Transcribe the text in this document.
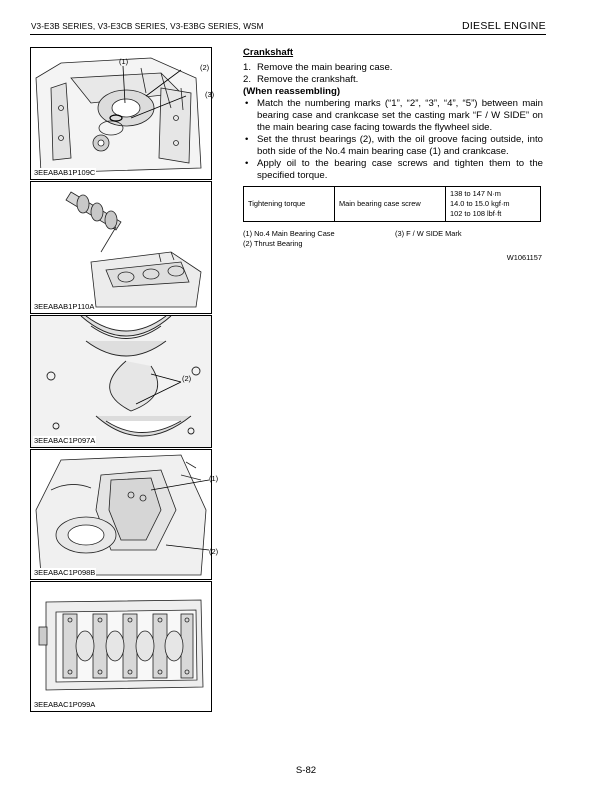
V3-E3B SERIES, V3-E3CB SERIES, V3-E3BG SERIES, WSM	DIESEL ENGINE
(1)
(2)
(3)
3EEABAB1P109C
3EEABAB1P110A
(2)
3EEABAC1P097A
(1)
(2)
3EEABAC1P098B
3EEABAC1P099A
Crankshaft
1. Remove the main bearing case.
2. Remove the crankshaft.
(When reassembling)
• Match the numbering marks (“1”, “2”, “3”, “4”, “5”) between main bearing case and crankcase set the casting mark “F / W SIDE” on the main bearing case facing towards the flywheel side.
• Set the thrust bearings (2), with the oil groove facing outside, into both side of the No.4 main bearing case (1) and crankcase.
• Apply oil to the bearing case screws and tighten them to the specified torque.
Tightening torque	Main bearing case screw	
138 to 147 N·m
14.0 to 15.0 kgf·m
102 to 108 lbf·ft
(1) No.4 Main Bearing Case	(3) F / W SIDE Mark
(2) Thrust Bearing
W1061157
S-82
